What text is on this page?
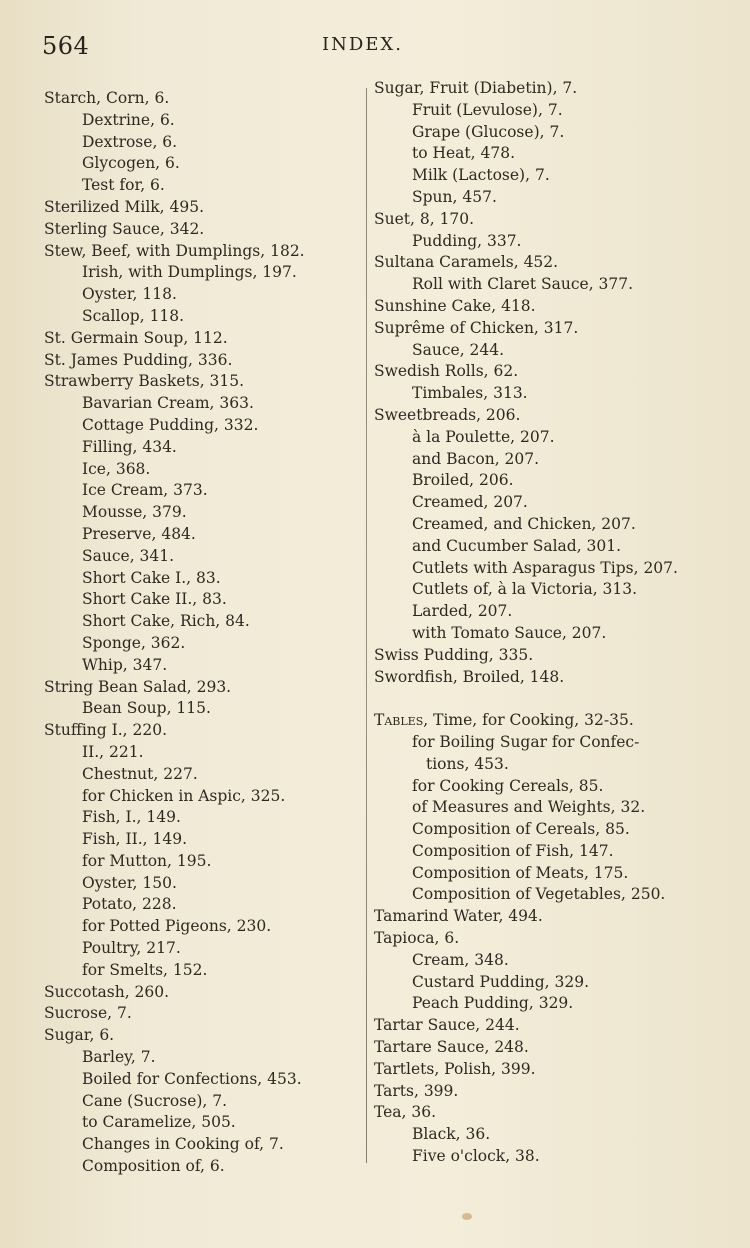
564	INDEX.
Starch, Corn, 6.
Dextrine, 6.
Dextrose, 6.
Glycogen, 6.
Test for, 6.
Sterilized Milk, 495.
Sterling Sauce, 342.
Stew, Beef, with Dumplings, 182.
Irish, with Dumplings, 197.
Oyster, 118.
Scallop, 118.
St. Germain Soup, 112.
St. James Pudding, 336.
Strawberry Baskets, 315.
Bavarian Cream, 363.
Cottage Pudding, 332.
Filling, 434.
Ice, 368.
Ice Cream, 373.
Mousse, 379.
Preserve, 484.
Sauce, 341.
Short Cake I., 83.
Short Cake II., 83.
Short Cake, Rich, 84.
Sponge, 362.
Whip, 347.
String Bean Salad, 293.
Bean Soup, 115.
Stuffing I., 220.
II., 221.
Chestnut, 227.
for Chicken in Aspic, 325.
Fish, I., 149.
Fish, II., 149.
for Mutton, 195.
Oyster, 150.
Potato, 228.
for Potted Pigeons, 230.
Poultry, 217.
for Smelts, 152.
Succotash, 260.
Sucrose, 7.
Sugar, 6.
Barley, 7.
Boiled for Confections, 453.
Cane (Sucrose), 7.
to Caramelize, 505.
Changes in Cooking of, 7.
Composition of, 6.
Sugar, Fruit (Diabetin), 7.
Fruit (Levulose), 7.
Grape (Glucose), 7.
to Heat, 478.
Milk (Lactose), 7.
Spun, 457.
Suet, 8, 170.
Pudding, 337.
Sultana Caramels, 452.
Roll with Claret Sauce, 377.
Sunshine Cake, 418.
Suprême of Chicken, 317.
Sauce, 244.
Swedish Rolls, 62.
Timbales, 313.
Sweetbreads, 206.
à la Poulette, 207.
and Bacon, 207.
Broiled, 206.
Creamed, 207.
Creamed, and Chicken, 207.
and Cucumber Salad, 301.
Cutlets with Asparagus Tips, 207.
Cutlets of, à la Victoria, 313.
Larded, 207.
with Tomato Sauce, 207.
Swiss Pudding, 335.
Swordfish, Broiled, 148.
Tables, Time, for Cooking, 32-35.
for Boiling Sugar for Confec-
tions, 453.
for Cooking Cereals, 85.
of Measures and Weights, 32.
Composition of Cereals, 85.
Composition of Fish, 147.
Composition of Meats, 175.
Composition of Vegetables, 250.
Tamarind Water, 494.
Tapioca, 6.
Cream, 348.
Custard Pudding, 329.
Peach Pudding, 329.
Tartar Sauce, 244.
Tartare Sauce, 248.
Tartlets, Polish, 399.
Tarts, 399.
Tea, 36.
Black, 36.
Five o'clock, 38.
